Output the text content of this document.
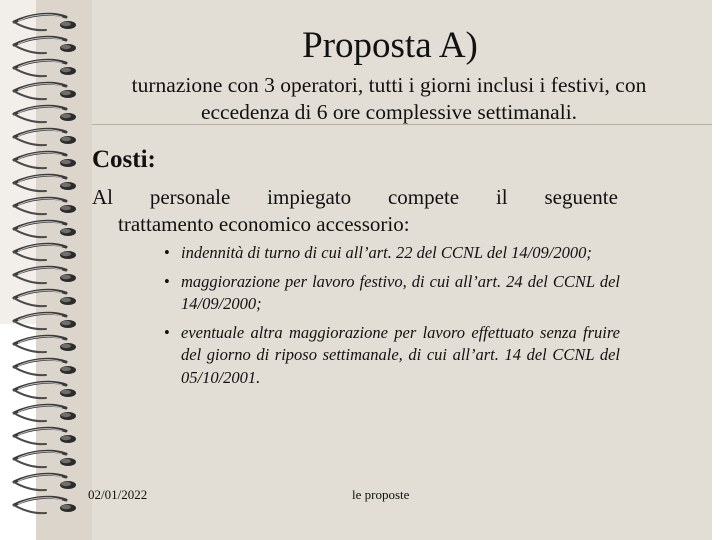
Proposta A)
turnazione con 3 operatori, tutti i giorni inclusi i festivi, con eccedenza di 6 ore complessive settimanali.
Costi:
Al personale impiegato compete il seguente
trattamento economico accessorio:
• indennità di turno di cui all’art. 22 del CCNL del 14/09/2000;
• maggiorazione per lavoro festivo, di cui all’art. 24 del CCNL del 14/09/2000;
• eventuale altra maggiorazione per lavoro effettuato senza fruire del giorno di riposo settimanale, di cui all’art. 14 del CCNL del 05/10/2001.
02/01/2022	le proposte
